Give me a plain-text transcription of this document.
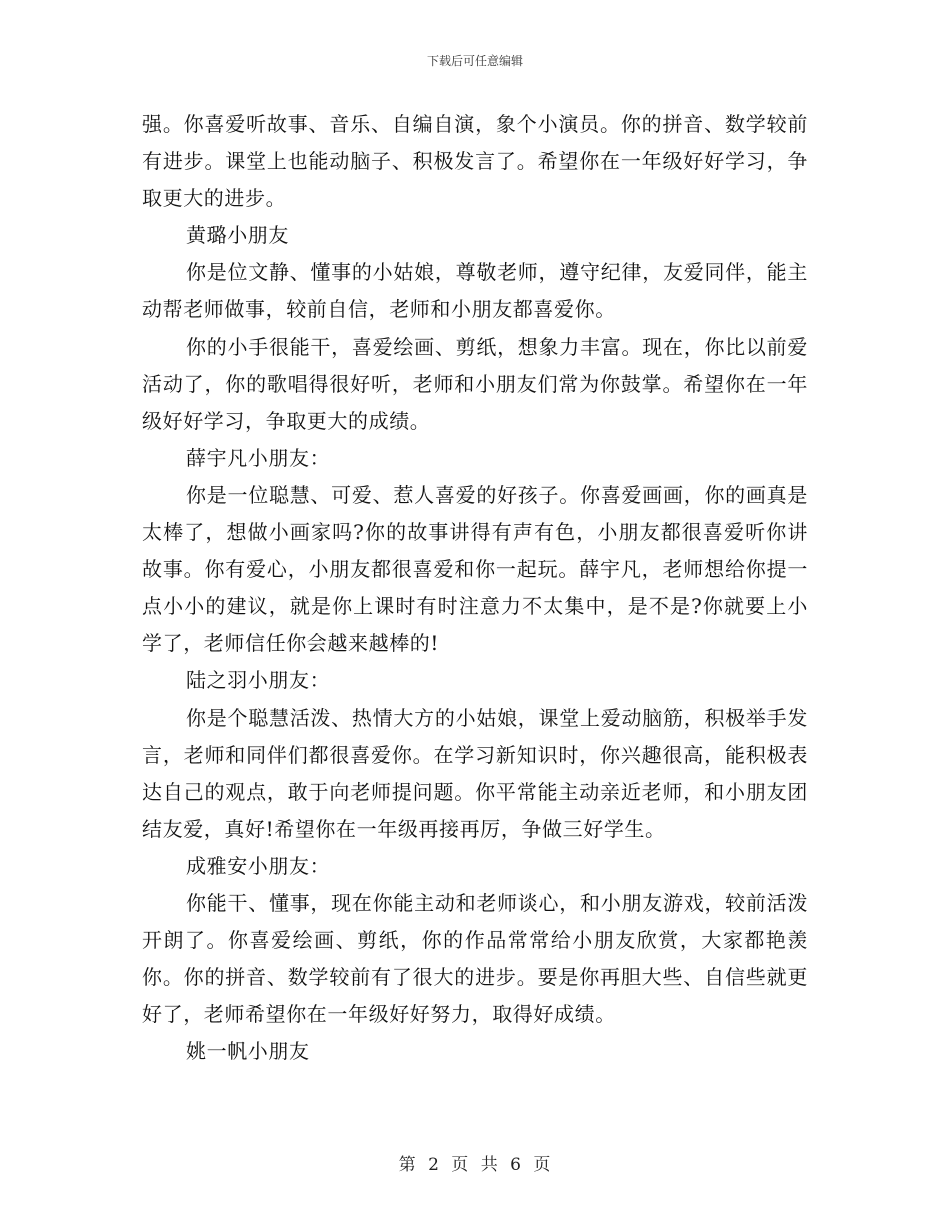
下载后可任意编辑

强。你喜爱听故事、音乐、自编自演，象个小演员。你的拼音、数学较前有进步。课堂上也能动脑子、积极发言了。希望你在一年级好好学习，争取更大的进步。

黄璐小朋友

你是位文静、懂事的小姑娘，尊敬老师，遵守纪律，友爱同伴，能主动帮老师做事，较前自信，老师和小朋友都喜爱你。

你的小手很能干，喜爱绘画、剪纸，想象力丰富。现在，你比以前爱活动了，你的歌唱得很好听，老师和小朋友们常为你鼓掌。希望你在一年级好好学习，争取更大的成绩。

薛宇凡小朋友：

你是一位聪慧、可爱、惹人喜爱的好孩子。你喜爱画画，你的画真是太棒了，想做小画家吗?你的故事讲得有声有色，小朋友都很喜爱听你讲故事。你有爱心，小朋友都很喜爱和你一起玩。薛宇凡，老师想给你提一点小小的建议，就是你上课时有时注意力不太集中，是不是?你就要上小学了，老师信任你会越来越棒的!

陆之羽小朋友：

你是个聪慧活泼、热情大方的小姑娘，课堂上爱动脑筋，积极举手发言，老师和同伴们都很喜爱你。在学习新知识时，你兴趣很高，能积极表达自己的观点，敢于向老师提问题。你平常能主动亲近老师，和小朋友团结友爱，真好!希望你在一年级再接再厉，争做三好学生。

成雅安小朋友：

你能干、懂事，现在你能主动和老师谈心，和小朋友游戏，较前活泼开朗了。你喜爱绘画、剪纸，你的作品常常给小朋友欣赏，大家都艳羡你。你的拼音、数学较前有了很大的进步。要是你再胆大些、自信些就更好了，老师希望你在一年级好好努力，取得好成绩。

姚一帆小朋友

第 2 页 共 6 页
